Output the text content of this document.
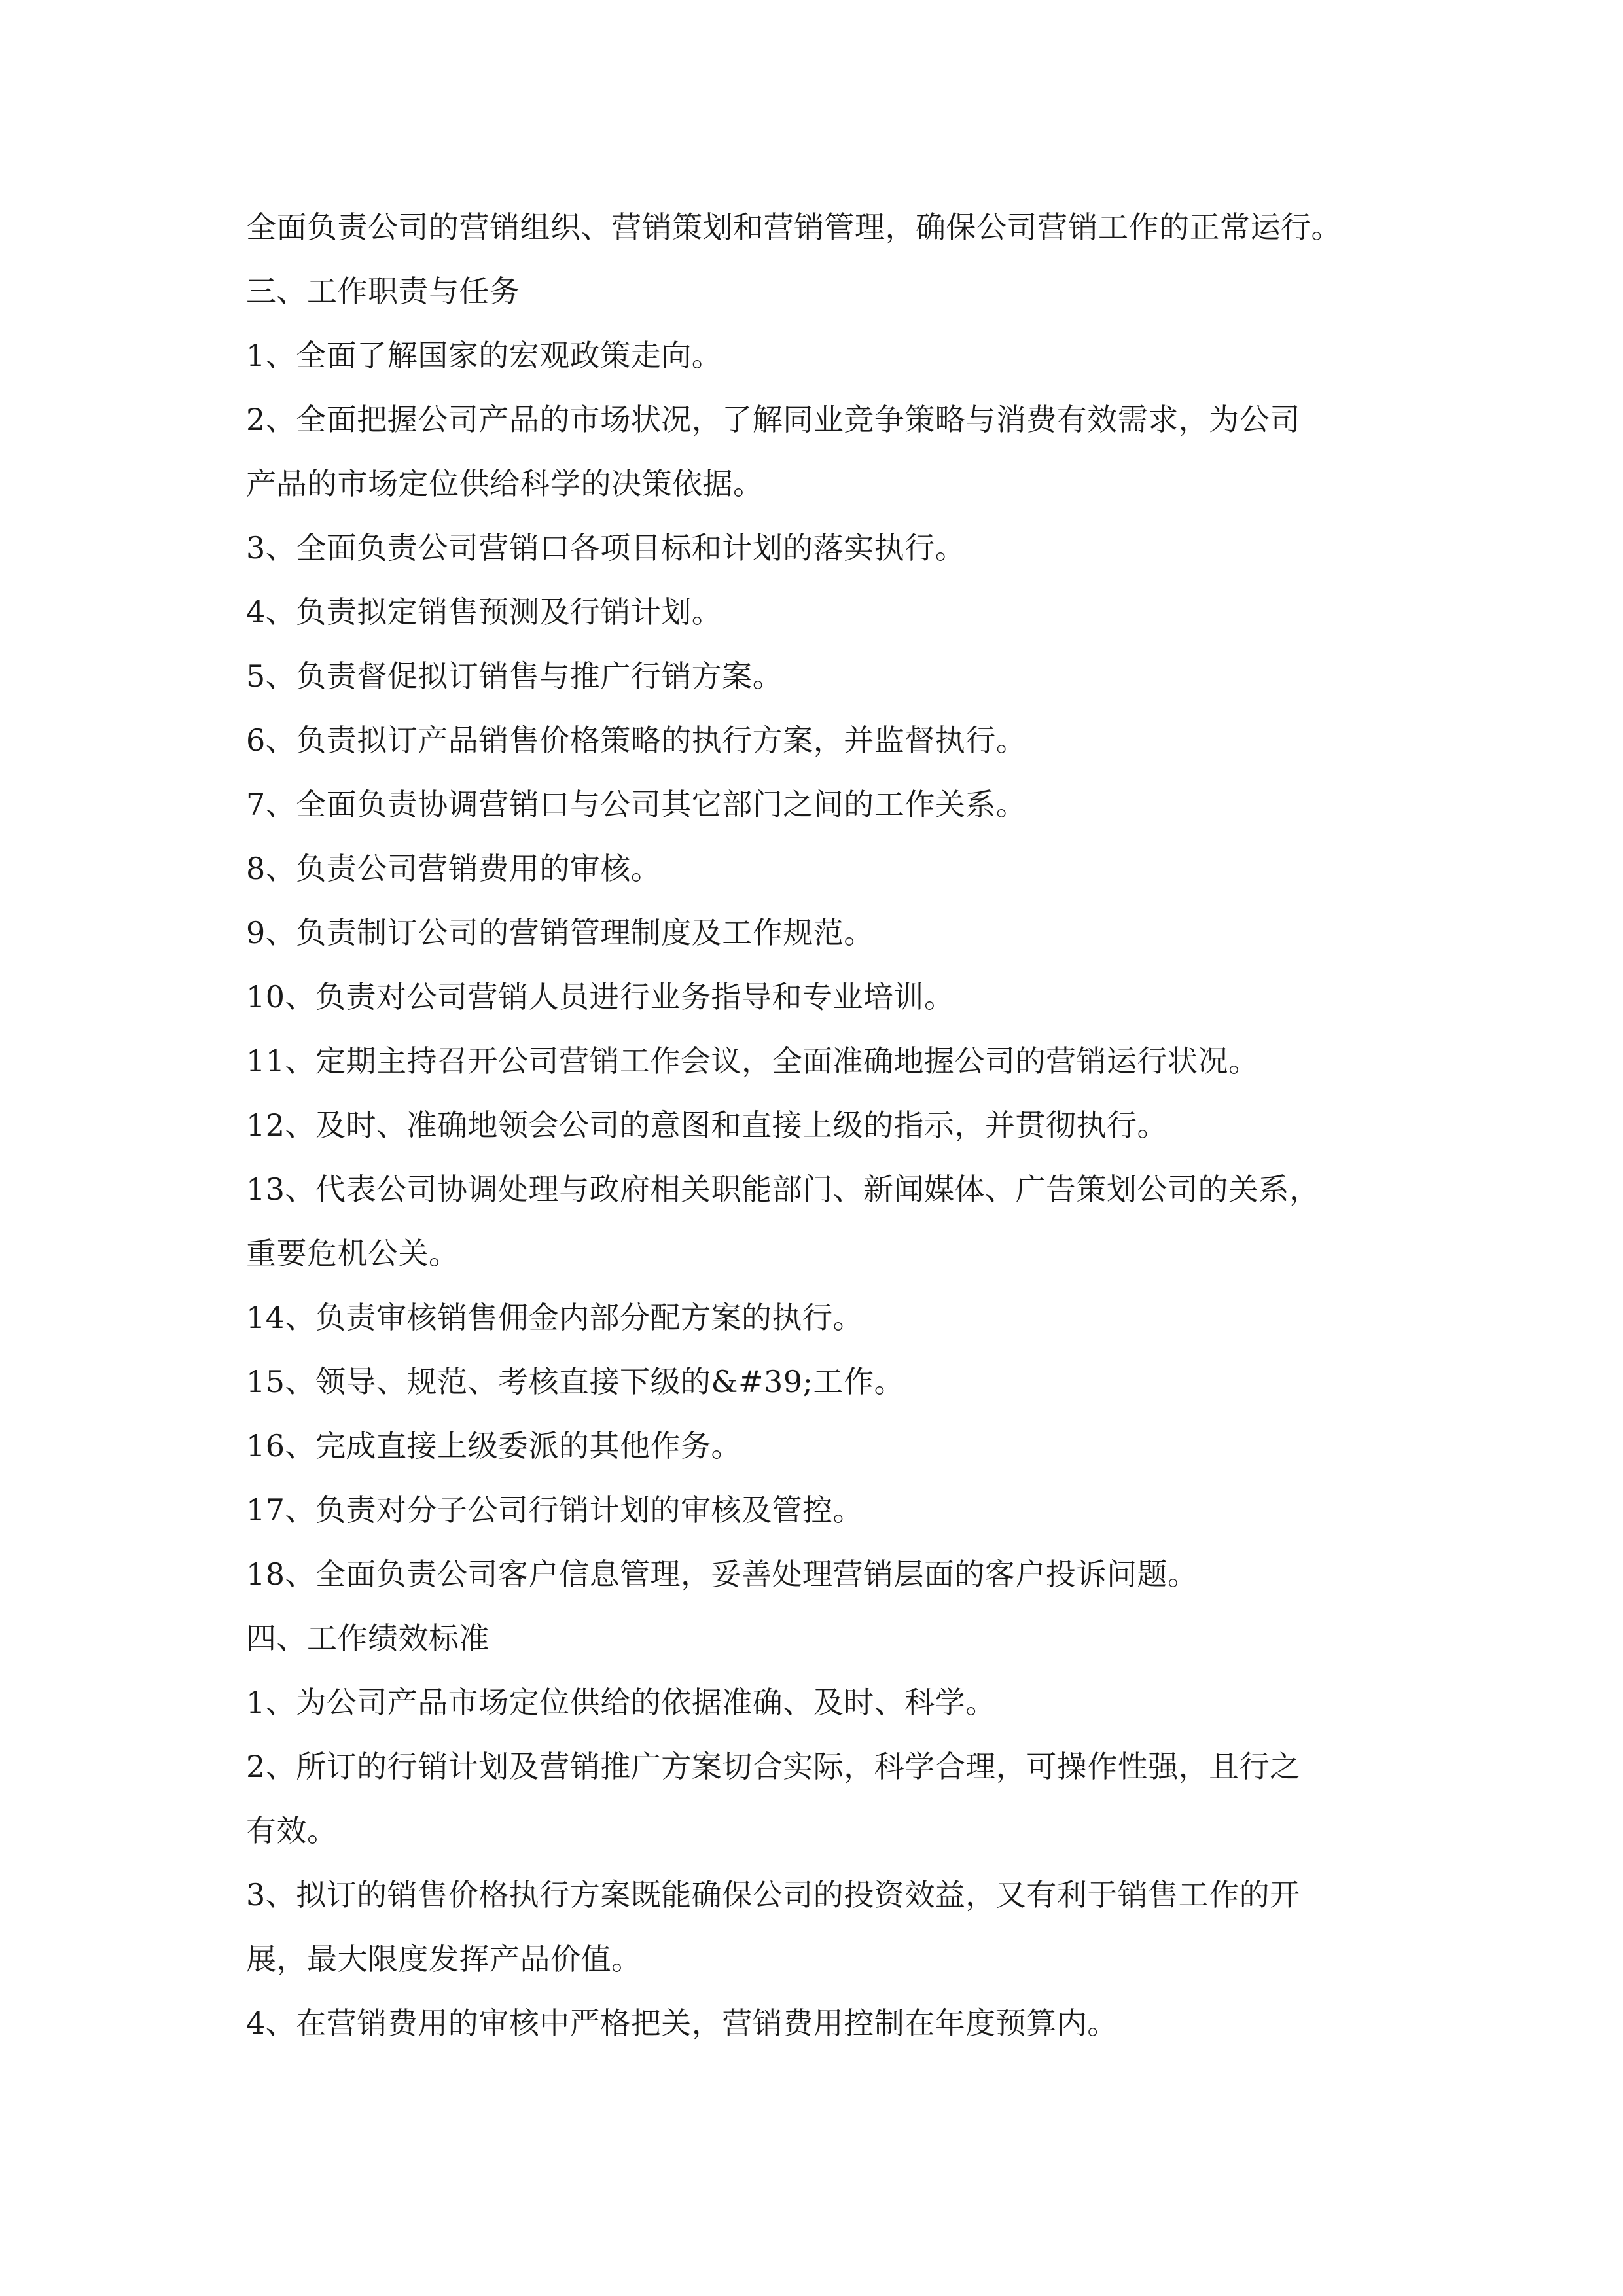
全面负责公司的营销组织、营销策划和营销管理，确保公司营销工作的正常运行。
三、工作职责与任务
1、全面了解国家的宏观政策走向。
2、全面把握公司产品的市场状况，了解同业竞争策略与消费有效需求，为公司
产品的市场定位供给科学的决策依据。
3、全面负责公司营销口各项目标和计划的落实执行。
4、负责拟定销售预测及行销计划。
5、负责督促拟订销售与推广行销方案。
6、负责拟订产品销售价格策略的执行方案，并监督执行。
7、全面负责协调营销口与公司其它部门之间的工作关系。
8、负责公司营销费用的审核。
9、负责制订公司的营销管理制度及工作规范。
10、负责对公司营销人员进行业务指导和专业培训。
11、定期主持召开公司营销工作会议，全面准确地握公司的营销运行状况。
12、及时、准确地领会公司的意图和直接上级的指示，并贯彻执行。
13、代表公司协调处理与政府相关职能部门、新闻媒体、广告策划公司的关系，
重要危机公关。
14、负责审核销售佣金内部分配方案的执行。
15、领导、规范、考核直接下级的&#39;工作。
16、完成直接上级委派的其他作务。
17、负责对分子公司行销计划的审核及管控。
18、全面负责公司客户信息管理，妥善处理营销层面的客户投诉问题。
四、工作绩效标准
1、为公司产品市场定位供给的依据准确、及时、科学。
2、所订的行销计划及营销推广方案切合实际，科学合理，可操作性强，且行之
有效。
3、拟订的销售价格执行方案既能确保公司的投资效益，又有利于销售工作的开
展，最大限度发挥产品价值。
4、在营销费用的审核中严格把关，营销费用控制在年度预算内。
